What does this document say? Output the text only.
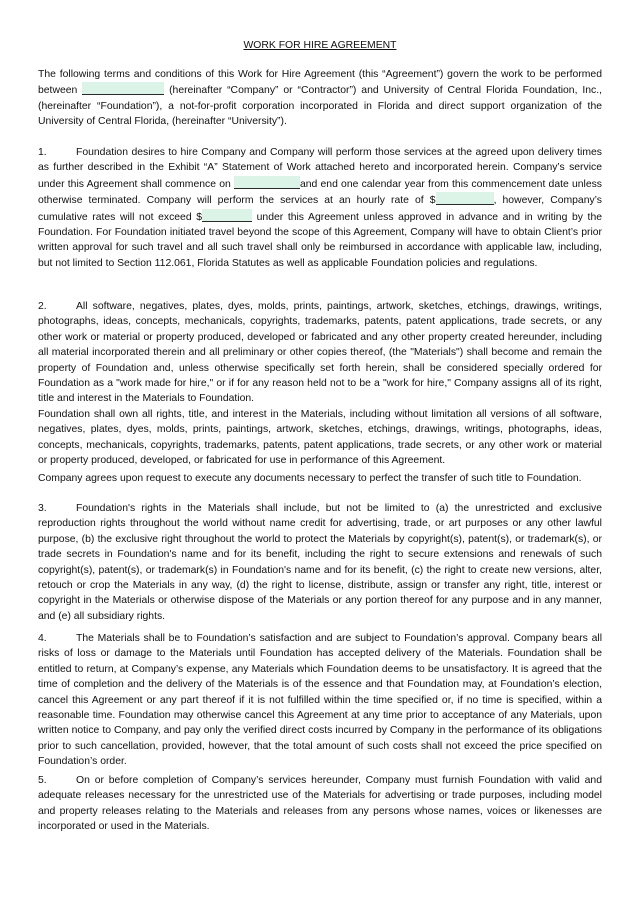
WORK FOR HIRE AGREEMENT
The following terms and conditions of this Work for Hire Agreement (this “Agreement”) govern the work to be performed between	(hereinafter “Company” or “Contractor”) and University of Central Florida Foundation, Inc., (hereinafter “Foundation”), a not-for-profit corporation incorporated in Florida and direct support organization of the University of Central Florida, (hereinafter “University”).
1.	Foundation desires to hire Company and Company will perform those services at the agreed upon delivery times as further described in the Exhibit “A” Statement of Work attached hereto and incorporated herein. Company’s service under this Agreement shall commence on	and end one calendar year from this commencement date unless otherwise terminated. Company will perform the services at an hourly rate of $	, however, Company’s cumulative rates will not exceed $	under this Agreement unless approved in advance and in writing by the Foundation. For Foundation initiated travel beyond the scope of this Agreement, Company will have to obtain Client’s prior written approval for such travel and all such travel shall only be reimbursed in accordance with applicable law, including, but not limited to Section 112.061, Florida Statutes as well as applicable Foundation policies and regulations.
2.	All software, negatives, plates, dyes, molds, prints, paintings, artwork, sketches, etchings, drawings, writings, photographs, ideas, concepts, mechanicals, copyrights, trademarks, patents, patent applications, trade secrets, or any other work or material or property produced, developed or fabricated and any other property created hereunder, including all material incorporated therein and all preliminary or other copies thereof, (the "Materials") shall become and remain the property of Foundation and, unless otherwise specifically set forth herein, shall be considered specially ordered for Foundation as a "work made for hire," or if for any reason held not to be a "work for hire," Company assigns all of its right, title and interest in the Materials to Foundation.
Foundation shall own all rights, title, and interest in the Materials, including without limitation all versions of all software, negatives, plates, dyes, molds, prints, paintings, artwork, sketches, etchings, drawings, writings, photographs, ideas, concepts, mechanicals, copyrights, trademarks, patents, patent applications, trade secrets, or any other work or material or property produced, developed, or fabricated for use in performance of this Agreement.
Company agrees upon request to execute any documents necessary to perfect the transfer of such title to Foundation.
3.	Foundation's rights in the Materials shall include, but not be limited to (a) the unrestricted and exclusive reproduction rights throughout the world without name credit for advertising, trade, or art purposes or any other lawful purpose, (b) the exclusive right throughout the world to protect the Materials by copyright(s), patent(s), or trademark(s), or trade secrets in Foundation's name and for its benefit, including the right to secure extensions and renewals of such copyright(s), patent(s), or trademark(s) in Foundation's name and for its benefit, (c) the right to create new versions, alter, retouch or crop the Materials in any way, (d) the right to license, distribute, assign or transfer any right, title, interest or copyright in the Materials or otherwise dispose of the Materials or any portion thereof for any purpose and in any manner, and (e) all subsidiary rights.
4.	The Materials shall be to Foundation’s satisfaction and are subject to Foundation’s approval. Company bears all risks of loss or damage to the Materials until Foundation has accepted delivery of the Materials. Foundation shall be entitled to return, at Company’s expense, any Materials which Foundation deems to be unsatisfactory. It is agreed that the time of completion and the delivery of the Materials is of the essence and that Foundation may, at Foundation’s election, cancel this Agreement or any part thereof if it is not fulfilled within the time specified or, if no time is specified, within a reasonable time. Foundation may otherwise cancel this Agreement at any time prior to acceptance of any Materials, upon written notice to Company, and pay only the verified direct costs incurred by Company in the performance of its obligations prior to such cancellation, provided, however, that the total amount of such costs shall not exceed the price specified on Foundation’s order.
5.	On or before completion of Company’s services hereunder, Company must furnish Foundation with valid and adequate releases necessary for the unrestricted use of the Materials for advertising or trade purposes, including model and property releases relating to the Materials and releases from any persons whose names, voices or likenesses are incorporated or used in the Materials.
